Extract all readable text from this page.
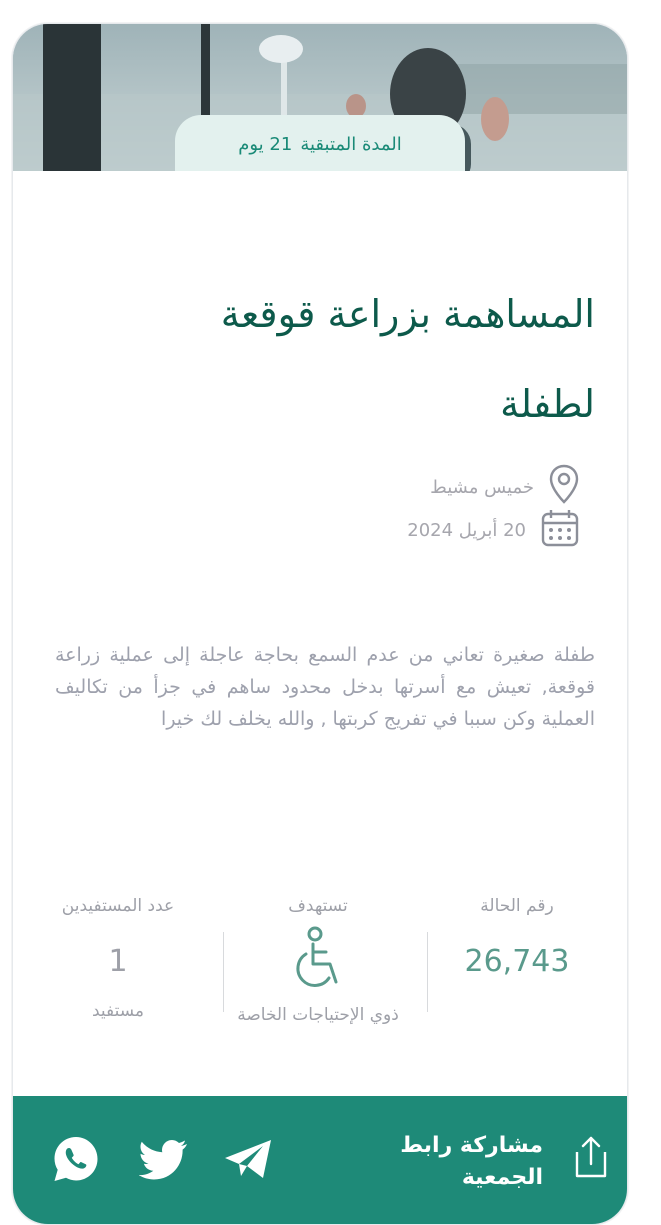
المدة المتبقية
21 يوم
المساهمة بزراعة قوقعة
لطفلة
خميس مشيط
20 أبريل 2024
طفلة صغيرة تعاني من عدم السمع بحاجة عاجلة إلى عملية زراعة قوقعة, تعيش مع أسرتها بدخل محدود ساهم في جزأ من تكاليف العملية وكن سببا في تفريج كربتها , والله يخلف لك خيرا
رقم الحالة
26,743
تستهدف
ذوي الإحتياجات الخاصة
عدد المستفيدين
1
مستفيد
مشاركة رابط الجمعية
